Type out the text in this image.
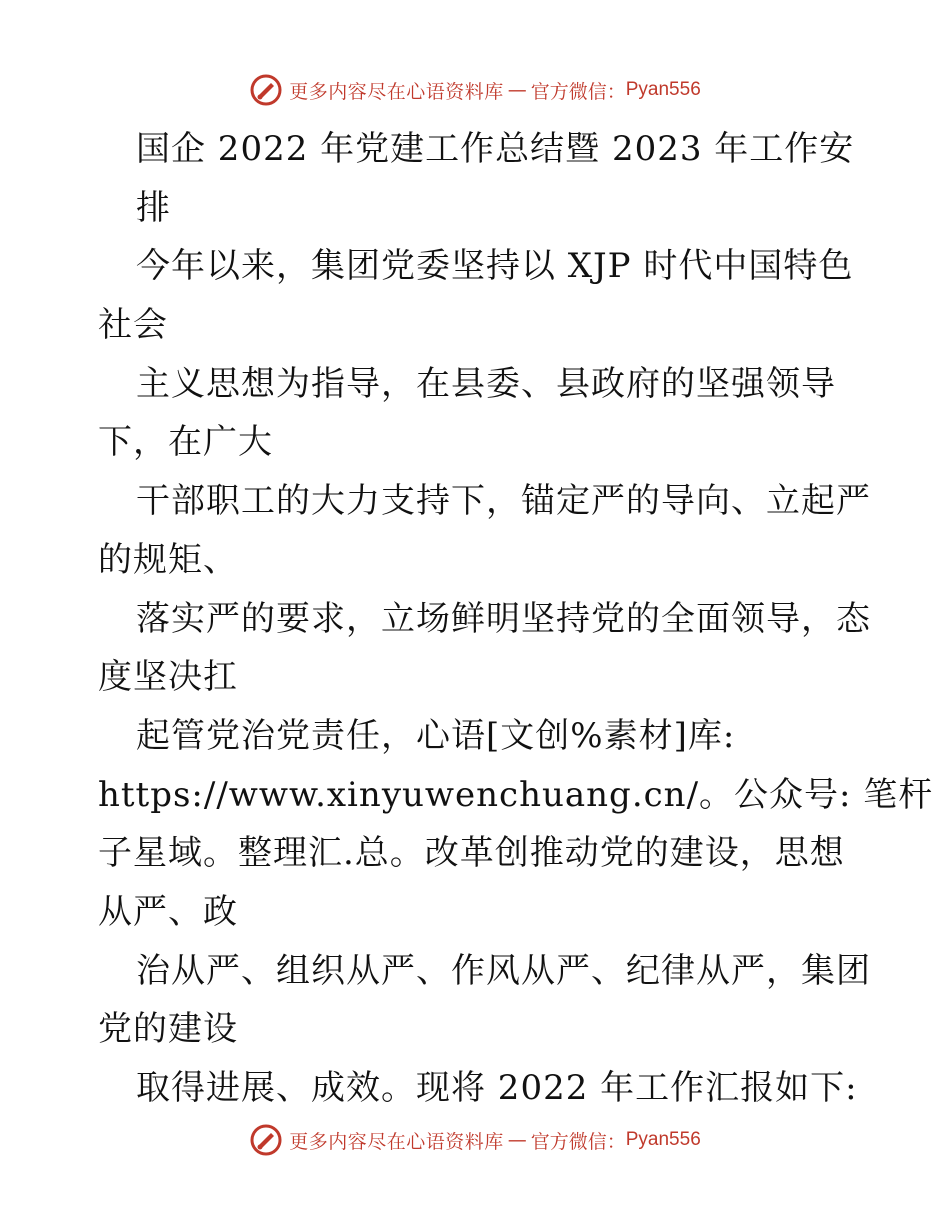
更多内容尽在心语资料库 — 官方微信： Pyan556
国企 2022 年党建工作总结暨 2023 年工作安
排
今年以来，集团党委坚持以 XJP 时代中国特色
社会
主义思想为指导，在县委、县政府的坚强领导
下，在广大
干部职工的大力支持下，锚定严的导向、立起严
的规矩、
落实严的要求，立场鲜明坚持党的全面领导，态
度坚决扛
起管党治党责任，心语[文创%素材]库:
https://www.xinyuwenchuang.cn/。公众号: 笔杆
子星域。整理汇.总。改革创推动党的建设，思想
从严、政
治从严、组织从严、作风从严、纪律从严，集团
党的建设
取得进展、成效。现将 2022 年工作汇报如下:
更多内容尽在心语资料库 — 官方微信： Pyan556
